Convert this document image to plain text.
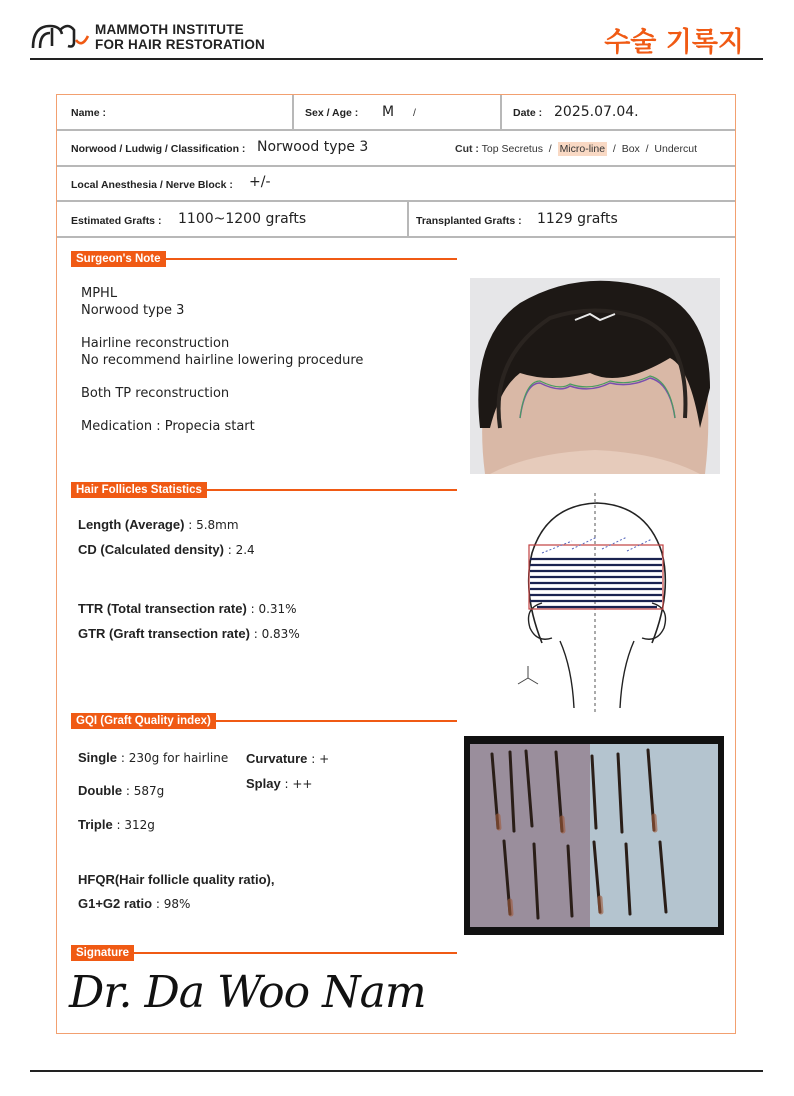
MAMMOTH INSTITUTE
FOR HAIR RESTORATION	수술 기록지
Name :	Sex / Age : M /	Date : 2025.07.04.
Norwood / Ludwig / Classification : Norwood type 3	Cut : Top Secretus / Micro-line / Box / Undercut
Local Anesthesia / Nerve Block : +/-
Estimated Grafts : 1100~1200 grafts	Transplanted Grafts : 1129 grafts
Surgeon's Note
MPHL
Norwood type 3
Hairline reconstruction
No recommend hairline lowering procedure
Both TP reconstruction
Medication : Propecia start
Hair Follicles Statistics
Length (Average) : 5.8mm
CD (Calculated density) : 2.4
TTR (Total transection rate) : 0.31%
GTR (Graft transection rate) : 0.83%
GQI (Graft Quality index)
Single : 230g for hairline
Double : 587g
Triple : 312g
Curvature : +
Splay : ++
HFQR(Hair follicle quality ratio),
G1+G2 ratio : 98%
Signature
Dr. Da Woo Nam
